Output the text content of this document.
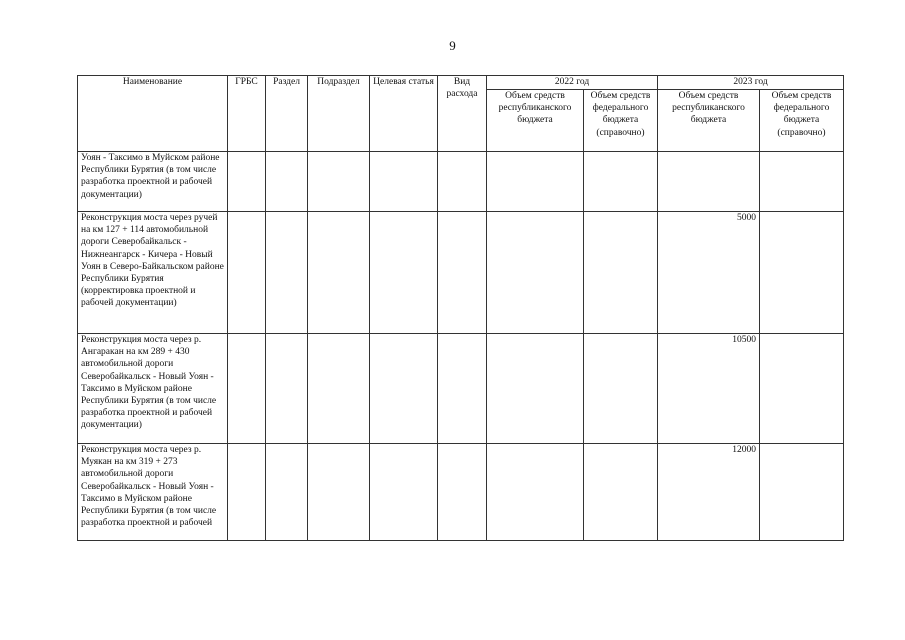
9
Наименование	ГРБС	Раздел	Подраздел	Целевая статья	Вид расхода	2022 год		2023 год	
						Объем средств республиканского бюджета	Объем средств федерального бюджета (справочно)	Объем средств республиканского бюджета	Объем средств федерального бюджета (справочно)
Уоян - Таксимо в Муйском районе Республики Бурятия (в том числе разработка проектной и рабочей документации)									
Реконструкция моста через ручей на км 127 + 114 автомобильной дороги Северобайкальск - Нижнеангарск - Кичера - Новый Уоян в Северо-Байкальском районе Республики Бурятия (корректировка проектной и рабочей документации)								5000	
Реконструкция моста через р. Ангаракан на км 289 + 430 автомобильной дороги Северобайкальск - Новый Уоян - Таксимо в Муйском районе Республики Бурятия (в том числе разработка проектной и рабочей документации)								10500	
Реконструкция моста через р. Муякан на км 319 + 273 автомобильной дороги Северобайкальск - Новый Уоян - Таксимо в Муйском районе Республики Бурятия (в том числе разработка проектной и рабочей								12000	
